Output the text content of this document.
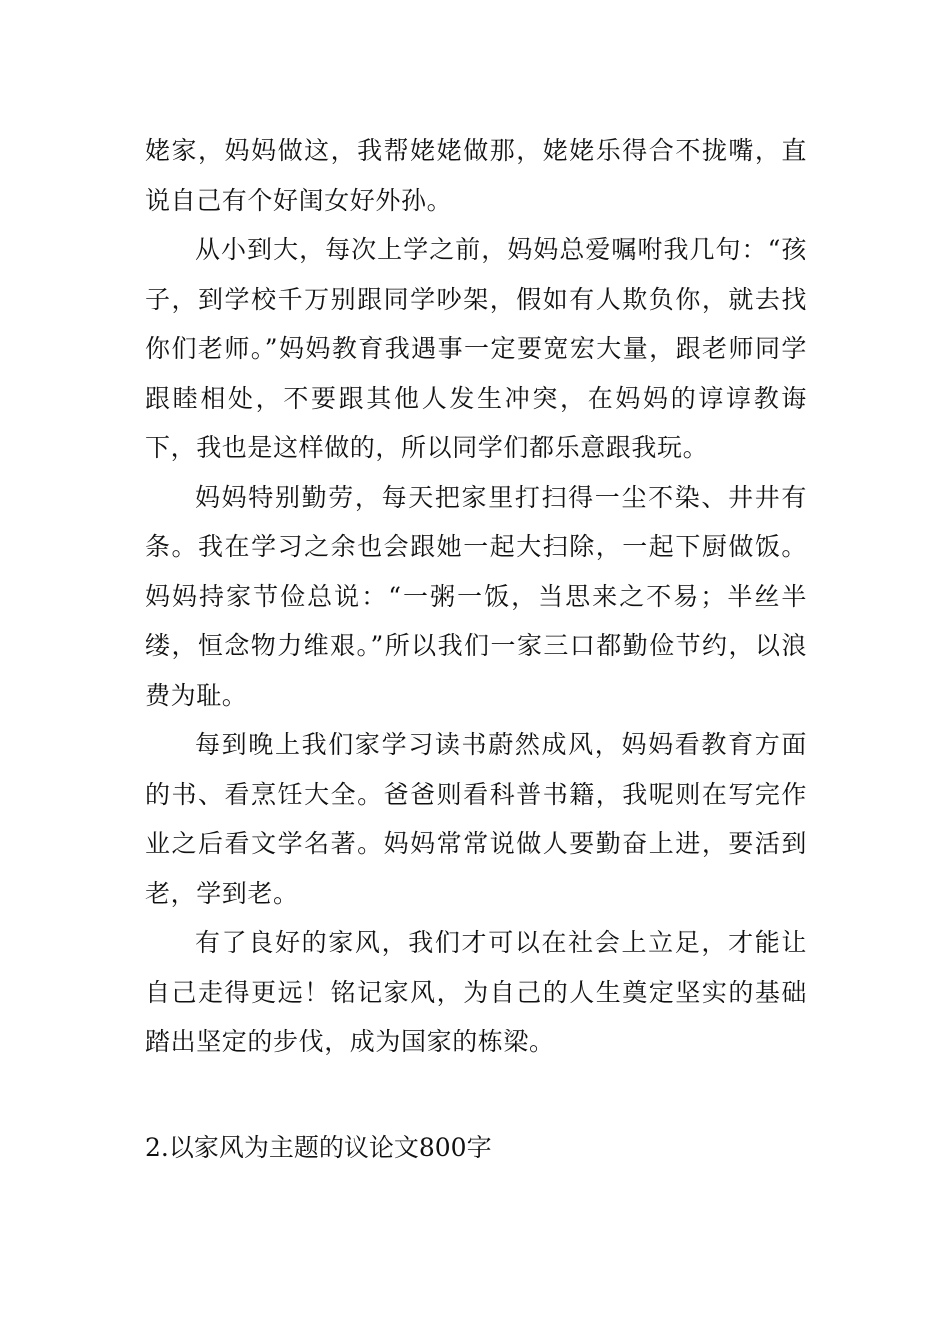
姥家，妈妈做这，我帮姥姥做那，姥姥乐得合不拢嘴，直说自己有个好闺女好外孙。

从小到大，每次上学之前，妈妈总爱嘱咐我几句：“孩子，到学校千万别跟同学吵架，假如有人欺负你，就去找你们老师。”妈妈教育我遇事一定要宽宏大量，跟老师同学跟睦相处，不要跟其他人发生冲突，在妈妈的谆谆教诲下，我也是这样做的，所以同学们都乐意跟我玩。

妈妈特别勤劳，每天把家里打扫得一尘不染、井井有条。我在学习之余也会跟她一起大扫除，一起下厨做饭。妈妈持家节俭总说：“一粥一饭，当思来之不易；半丝半缕，恒念物力维艰。”所以我们一家三口都勤俭节约，以浪费为耻。

每到晚上我们家学习读书蔚然成风，妈妈看教育方面的书、看烹饪大全。爸爸则看科普书籍，我呢则在写完作业之后看文学名著。妈妈常常说做人要勤奋上进，要活到老，学到老。

有了良好的家风，我们才可以在社会上立足，才能让自己走得更远！铭记家风，为自己的人生奠定坚实的基础踏出坚定的步伐，成为国家的栋梁。

2.以家风为主题的议论文800字
